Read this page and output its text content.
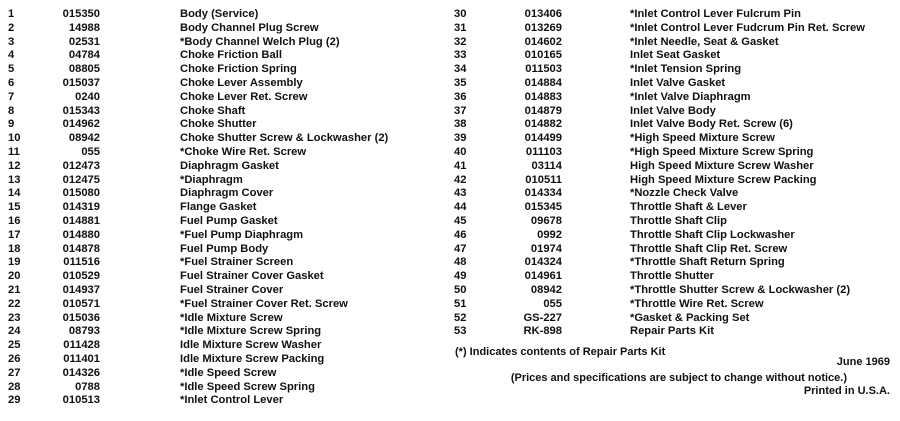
1	015350	Body (Service)
2	14988	Body Channel Plug Screw
3	02531	*Body Channel Welch Plug (2)
4	04784	Choke Friction Ball
5	08805	Choke Friction Spring
6	015037	Choke Lever Assembly
7	0240	Choke Lever Ret. Screw
8	015343	Choke Shaft
9	014962	Choke Shutter
10	08942	Choke Shutter Screw & Lockwasher (2)
11	055	*Choke Wire Ret. Screw
12	012473	Diaphragm Gasket
13	012475	*Diaphragm
14	015080	Diaphragm Cover
15	014319	Flange Gasket
16	014881	Fuel Pump Gasket
17	014880	*Fuel Pump Diaphragm
18	014878	Fuel Pump Body
19	011516	*Fuel Strainer Screen
20	010529	Fuel Strainer Cover Gasket
21	014937	Fuel Strainer Cover
22	010571	*Fuel Strainer Cover Ret. Screw
23	015036	*Idle Mixture Screw
24	08793	*Idle Mixture Screw Spring
25	011428	Idle Mixture Screw Washer
26	011401	Idle Mixture Screw Packing
27	014326	*Idle Speed Screw
28	0788	*Idle Speed Screw Spring
29	010513	*Inlet Control Lever
30	013406	*Inlet Control Lever Fulcrum Pin
31	013269	*Inlet Control Lever Fudcrum Pin Ret. Screw
32	014602	*Inlet Needle, Seat & Gasket
33	010165	Inlet Seat Gasket
34	011503	*Inlet Tension Spring
35	014884	Inlet Valve Gasket
36	014883	*Inlet Valve Diaphragm
37	014879	Inlet Valve Body
38	014882	Inlet Valve Body Ret. Screw (6)
39	014499	*High Speed Mixture Screw
40	011103	*High Speed Mixture Screw Spring
41	03114	High Speed Mixture Screw Washer
42	010511	High Speed Mixture Screw Packing
43	014334	*Nozzle Check Valve
44	015345	Throttle Shaft & Lever
45	09678	Throttle Shaft Clip
46	0992	Throttle Shaft Clip Lockwasher
47	01974	Throttle Shaft Clip Ret. Screw
48	014324	*Throttle Shaft Return Spring
49	014961	Throttle Shutter
50	08942	*Throttle Shutter Screw & Lockwasher (2)
51	055	*Throttle Wire Ret. Screw
52	GS-227	*Gasket & Packing Set
53	RK-898	Repair Parts Kit
(*) Indicates contents of Repair Parts Kit
June 1969
(Prices and specifications are subject to change without notice.)
Printed in U.S.A.
